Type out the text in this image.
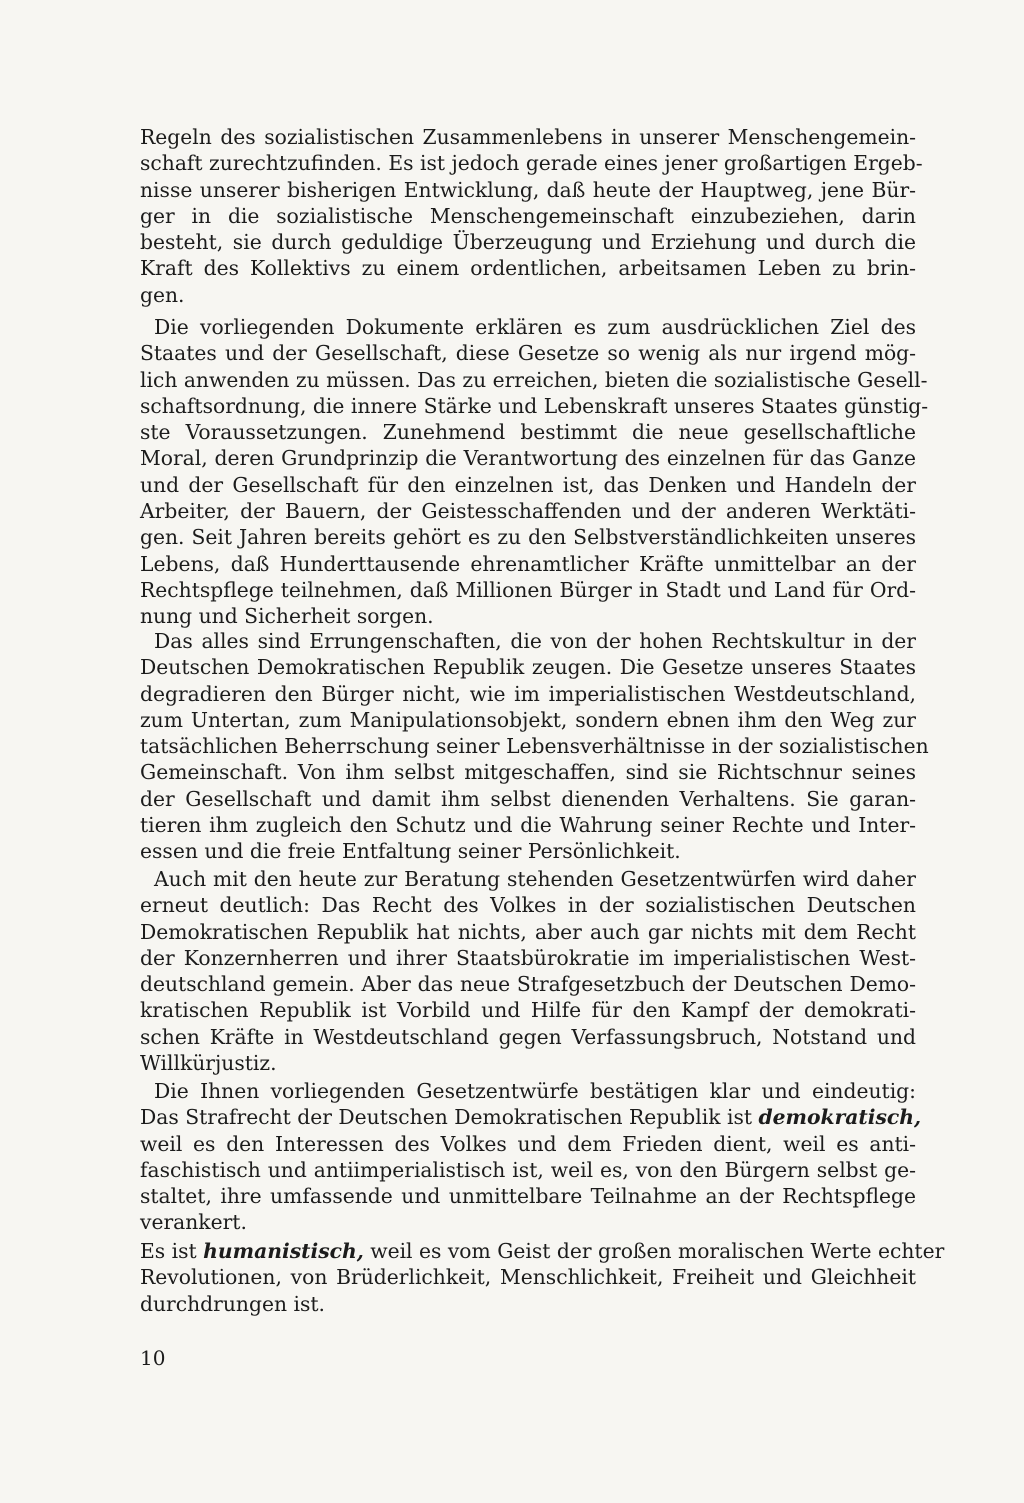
Regeln des sozialistischen Zusammenlebens in unserer Menschengemein-
schaft zurechtzufinden. Es ist jedoch gerade eines jener großartigen Ergeb-
nisse unserer bisherigen Entwicklung, daß heute der Hauptweg, jene Bür-
ger in die sozialistische Menschengemeinschaft einzubeziehen, darin
besteht, sie durch geduldige Überzeugung und Erziehung und durch die
Kraft des Kollektivs zu einem ordentlichen, arbeitsamen Leben zu brin-
gen.
Die vorliegenden Dokumente erklären es zum ausdrücklichen Ziel des
Staates und der Gesellschaft, diese Gesetze so wenig als nur irgend mög-
lich anwenden zu müssen. Das zu erreichen, bieten die sozialistische Gesell-
schaftsordnung, die innere Stärke und Lebenskraft unseres Staates günstig-
ste Voraussetzungen. Zunehmend bestimmt die neue gesellschaftliche
Moral, deren Grundprinzip die Verantwortung des einzelnen für das Ganze
und der Gesellschaft für den einzelnen ist, das Denken und Handeln der
Arbeiter, der Bauern, der Geistesschaffenden und der anderen Werktäti-
gen. Seit Jahren bereits gehört es zu den Selbstverständlichkeiten unseres
Lebens, daß Hunderttausende ehrenamtlicher Kräfte unmittelbar an der
Rechtspflege teilnehmen, daß Millionen Bürger in Stadt und Land für Ord-
nung und Sicherheit sorgen.
Das alles sind Errungenschaften, die von der hohen Rechtskultur in der
Deutschen Demokratischen Republik zeugen. Die Gesetze unseres Staates
degradieren den Bürger nicht, wie im imperialistischen Westdeutschland,
zum Untertan, zum Manipulationsobjekt, sondern ebnen ihm den Weg zur
tatsächlichen Beherrschung seiner Lebensverhältnisse in der sozialistischen
Gemeinschaft. Von ihm selbst mitgeschaffen, sind sie Richtschnur seines
der Gesellschaft und damit ihm selbst dienenden Verhaltens. Sie garan-
tieren ihm zugleich den Schutz und die Wahrung seiner Rechte und Inter-
essen und die freie Entfaltung seiner Persönlichkeit.
Auch mit den heute zur Beratung stehenden Gesetzentwürfen wird daher
erneut deutlich: Das Recht des Volkes in der sozialistischen Deutschen
Demokratischen Republik hat nichts, aber auch gar nichts mit dem Recht
der Konzernherren und ihrer Staatsbürokratie im imperialistischen West-
deutschland gemein. Aber das neue Strafgesetzbuch der Deutschen Demo-
kratischen Republik ist Vorbild und Hilfe für den Kampf der demokrati-
schen Kräfte in Westdeutschland gegen Verfassungsbruch, Notstand und
Willkürjustiz.
Die Ihnen vorliegenden Gesetzentwürfe bestätigen klar und eindeutig:
Das Strafrecht der Deutschen Demokratischen Republik ist demokratisch,
weil es den Interessen des Volkes und dem Frieden dient, weil es anti-
faschistisch und antiimperialistisch ist, weil es, von den Bürgern selbst ge-
staltet, ihre umfassende und unmittelbare Teilnahme an der Rechtspflege
verankert.
Es ist humanistisch, weil es vom Geist der großen moralischen Werte echter
Revolutionen, von Brüderlichkeit, Menschlichkeit, Freiheit und Gleichheit
durchdrungen ist.
10
